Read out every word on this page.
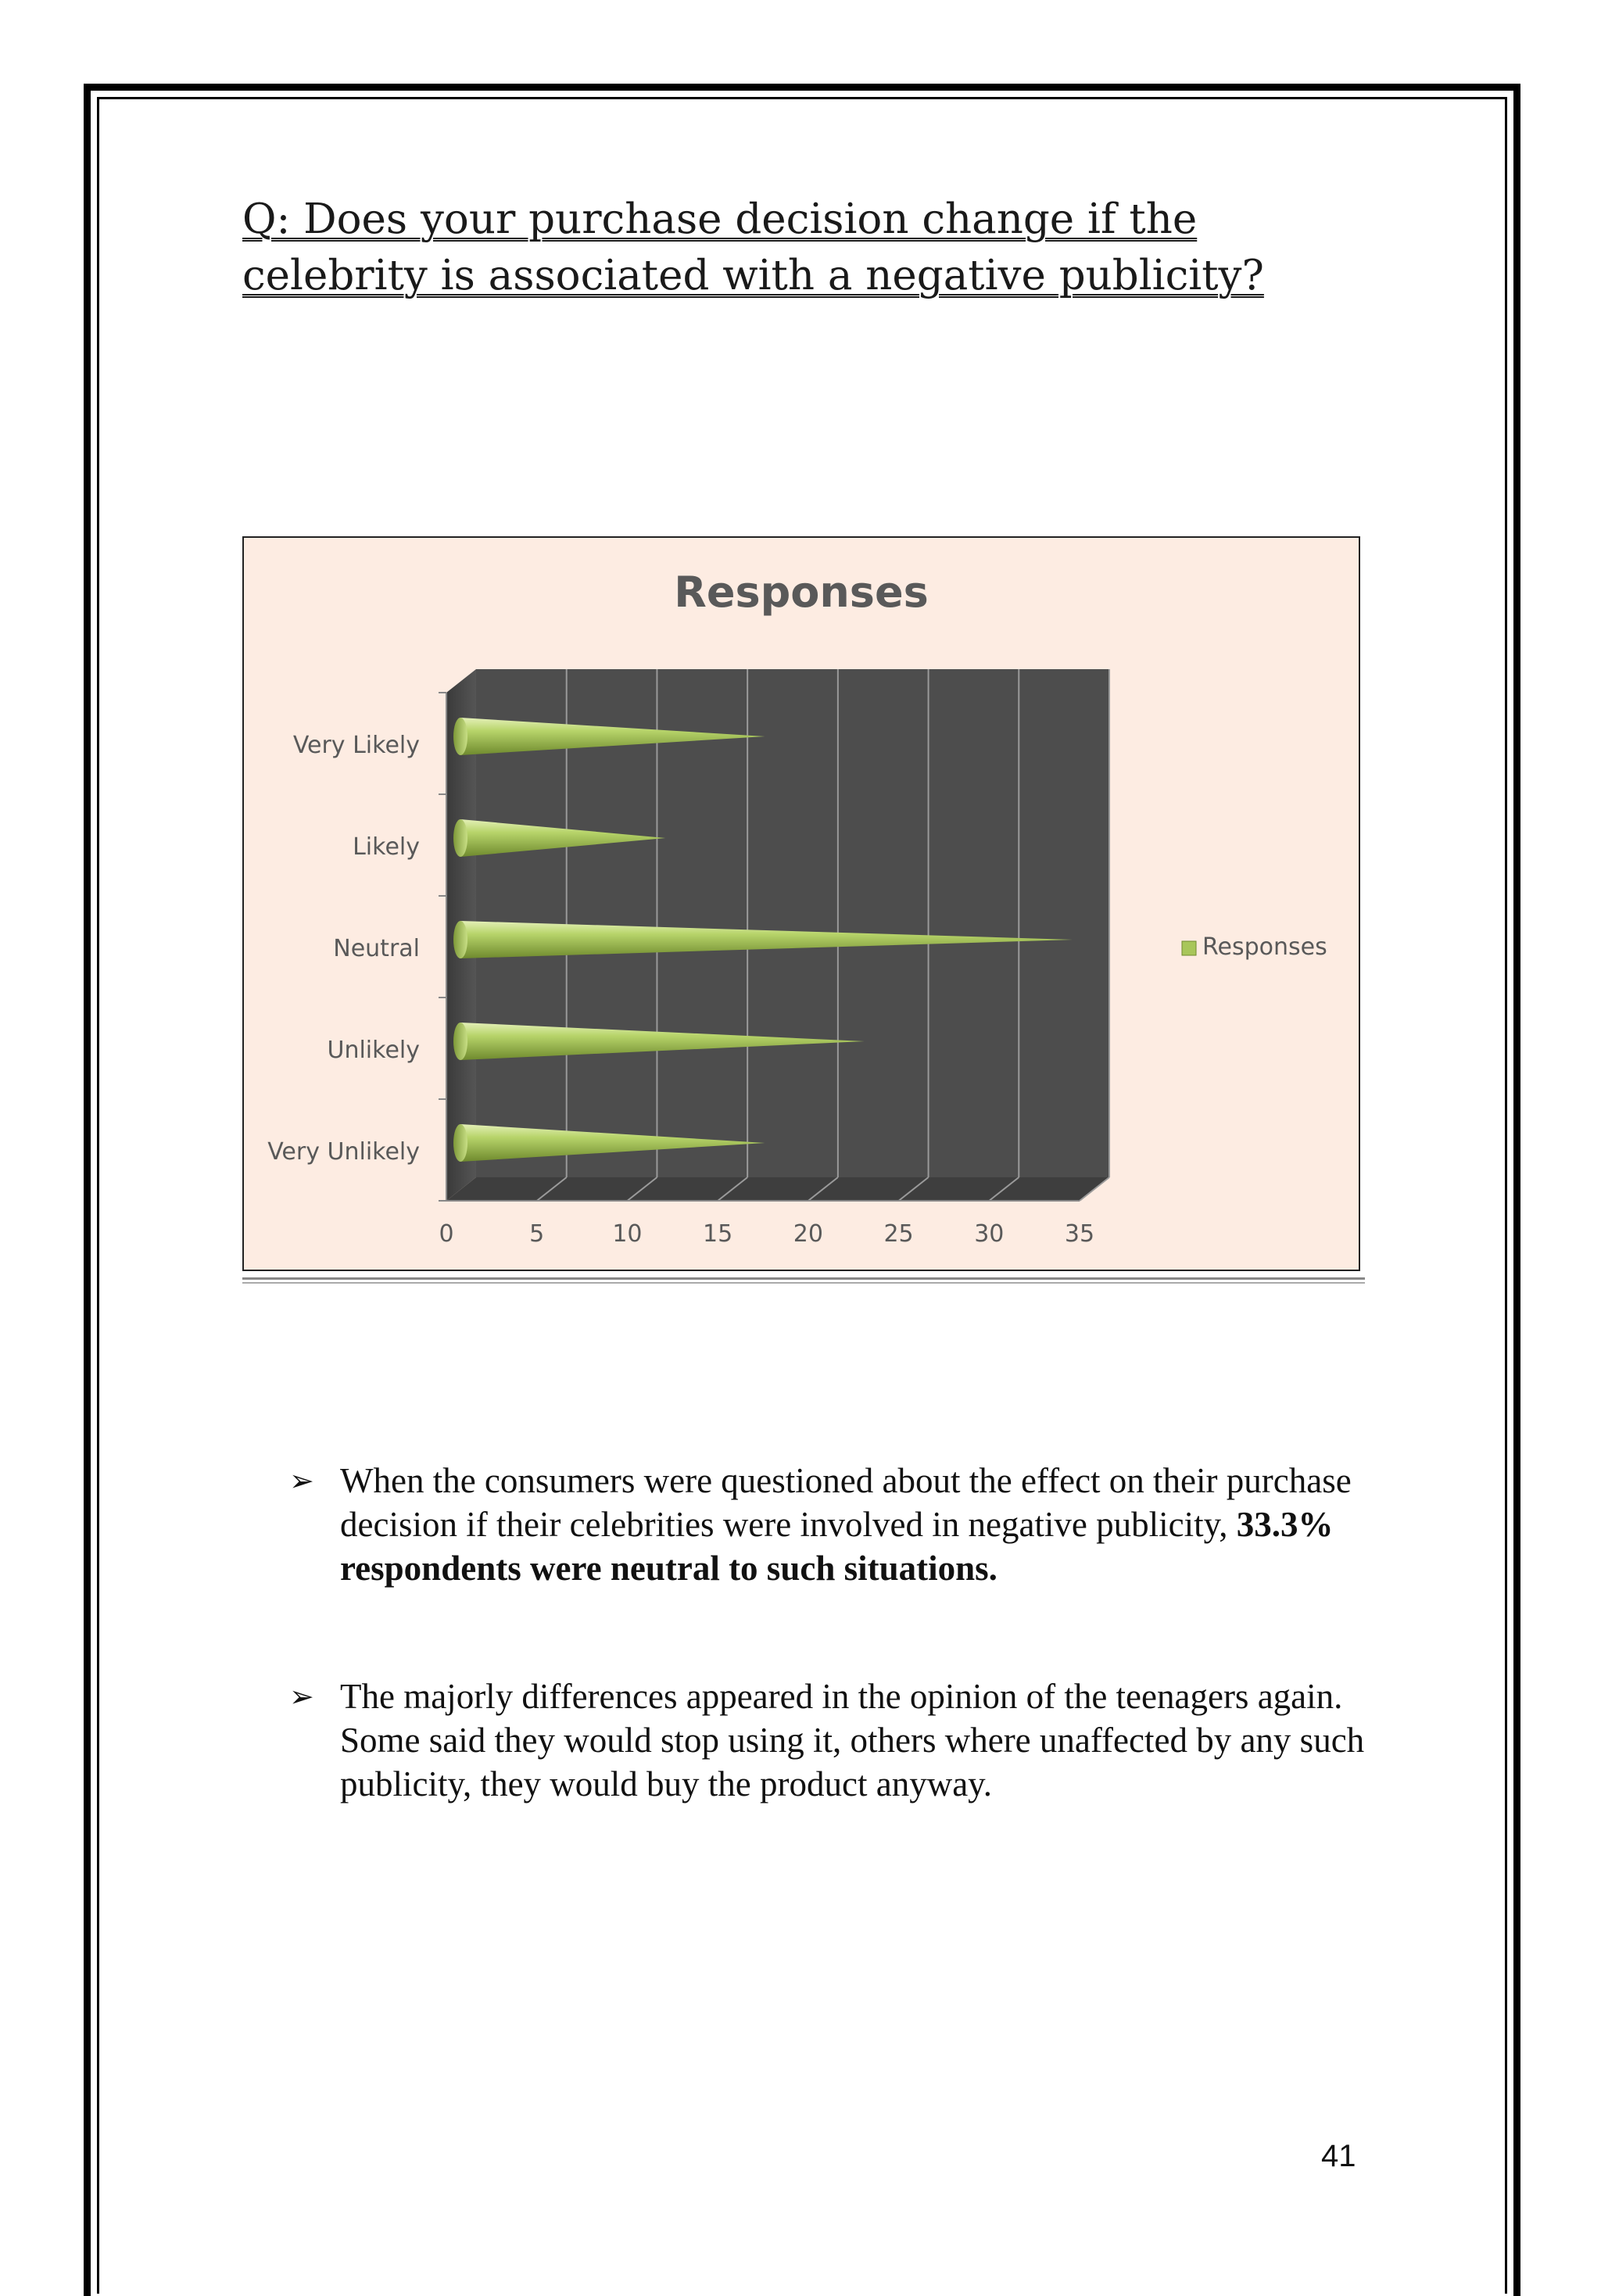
Q: Does your purchase decision change if the celebrity is associated with a negative publicity?
Responses
0	5	10	15	20	25	30	35
Very Likely
Likely
Neutral
Unlikely
Very Unlikely
Responses
➢ When the consumers were questioned about the effect on their purchase decision if their celebrities were involved in negative publicity, 33.3% respondents were neutral to such situations.
➢ The majorly differences appeared in the opinion of the teenagers again. Some said they would stop using it, others where unaffected by any such publicity, they would buy the product anyway.
41
